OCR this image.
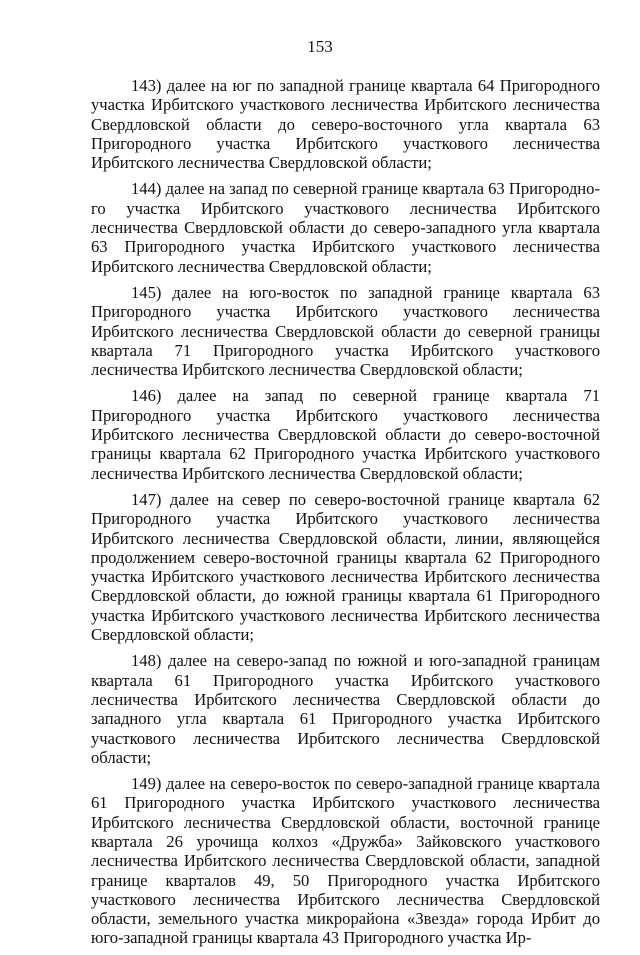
153

143) далее на юг по западной границе квартала 64 Пригородного участка Ирбитского участкового лесничества Ирбитского лесничества Свердловской области до северо-восточного угла квартала 63 Пригородного участка Ирбитского участкового лесничества Ирбитского лесничества Свердловской области;

144) далее на запад по северной границе квартала 63 Пригородного участка Ирбитского участкового лесничества Ирбитского лесничества Свердловской области до северо-западного угла квартала 63 Пригородного участка Ирбитского участкового лесничества Ирбитского лесничества Свердловской области;

145) далее на юго-восток по западной границе квартала 63 Пригородного участка Ирбитского участкового лесничества Ирбитского лесничества Свердловской области до северной границы квартала 71 Пригородного участка Ирбитского участкового лесничества Ирбитского лесничества Свердловской области;

146) далее на запад по северной границе квартала 71 Пригородного участка Ирбитского участкового лесничества Ирбитского лесничества Свердловской области до северо-восточной границы квартала 62 Пригородного участка Ирбитского участкового лесничества Ирбитского лесничества Свердловской области;

147) далее на север по северо-восточной границе квартала 62 Пригородного участка Ирбитского участкового лесничества Ирбитского лесничества Свердловской области, линии, являющейся продолжением северо-восточной границы квартала 62 Пригородного участка Ирбитского участкового лесничества Ирбитского лесничества Свердловской области, до южной границы квартала 61 Пригородного участка Ирбитского участкового лесничества Ирбитского лесничества Свердловской области;

148) далее на северо-запад по южной и юго-западной границам квартала 61 Пригородного участка Ирбитского участкового лесничества Ирбитского лесничества Свердловской области до западного угла квартала 61 Пригородного участка Ирбитского участкового лесничества Ирбитского лесничества Свердловской области;

149) далее на северо-восток по северо-западной границе квартала 61 Пригородного участка Ирбитского участкового лесничества Ирбитского лесничества Свердловской области, восточной границе квартала 26 урочища колхоз «Дружба» Зайковского участкового лесничества Ирбитского лесничества Свердловской области, западной границе кварталов 49, 50 Пригородного участка Ирбитского участкового лесничества Ирбитского лесничества Свердловской области, земельного участка микрорайона «Звезда» города Ирбит до юго-западной границы квартала 43 Пригородного участка Ир-
